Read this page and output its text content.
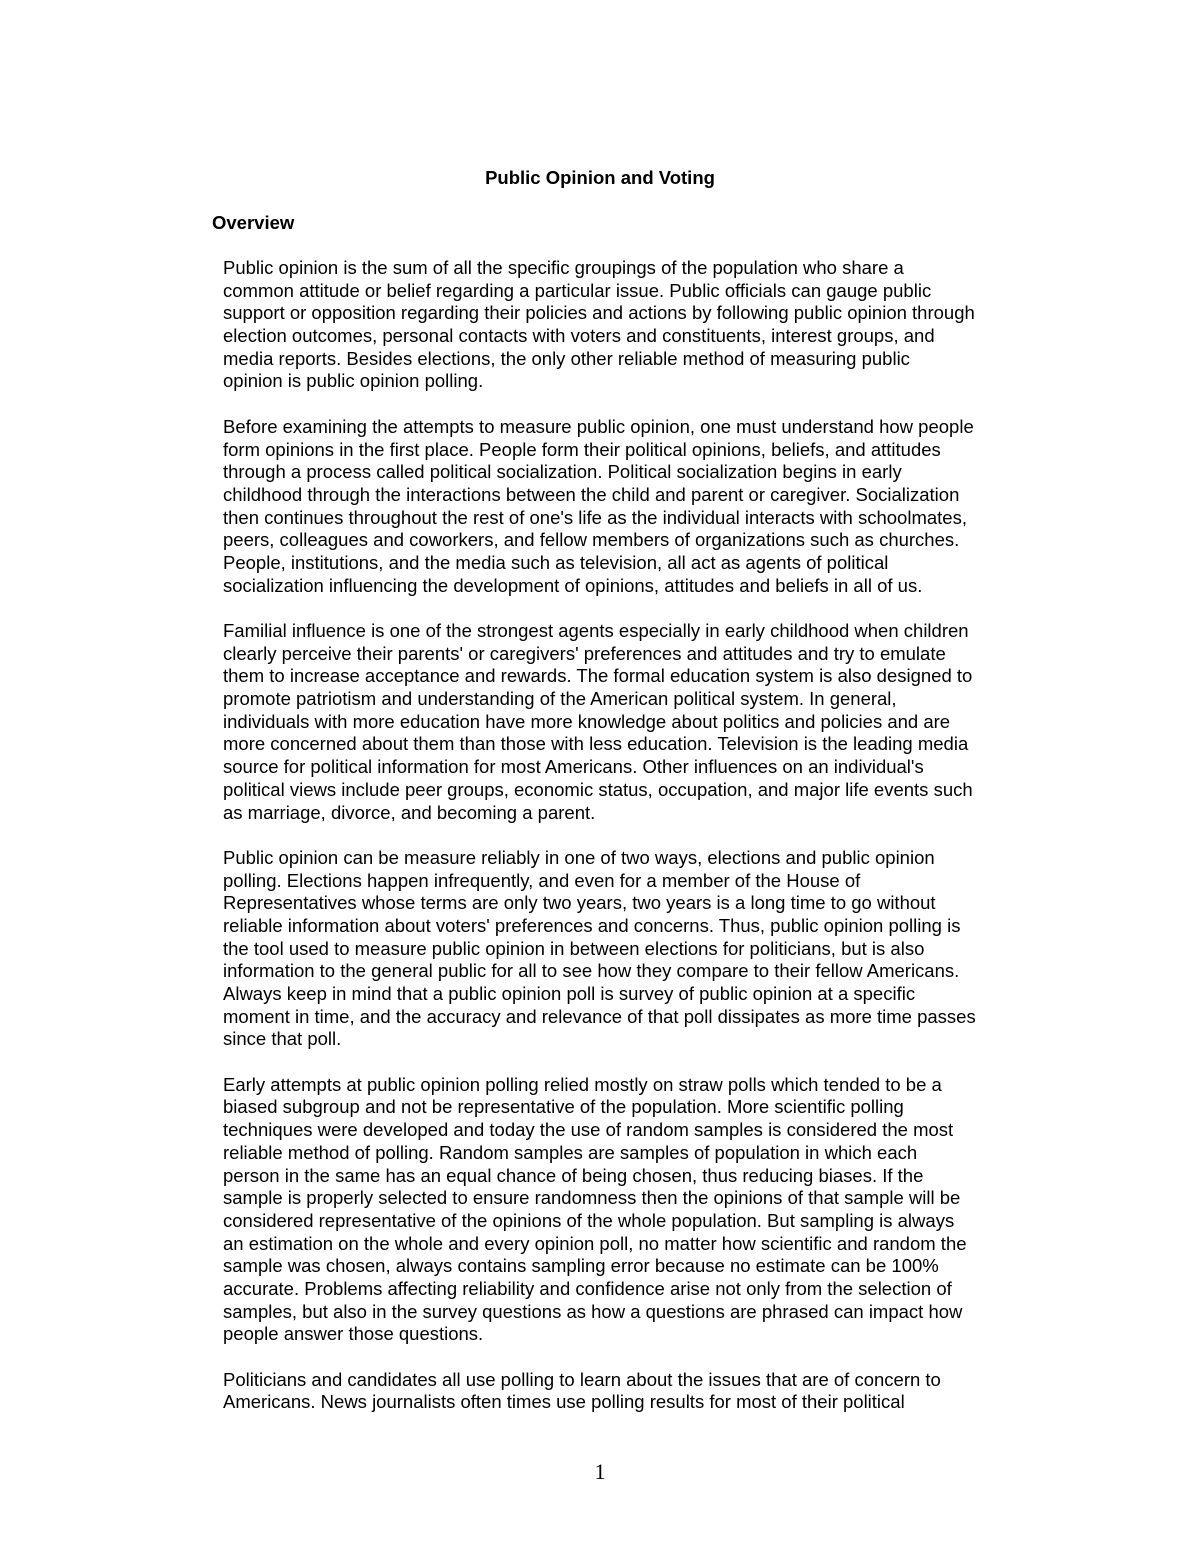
Public Opinion and Voting
Overview

Public opinion is the sum of all the specific groupings of the population who share a
common attitude or belief regarding a particular issue. Public officials can gauge public
support or opposition regarding their policies and actions by following public opinion through
election outcomes, personal contacts with voters and constituents, interest groups, and
media reports. Besides elections, the only other reliable method of measuring public
opinion is public opinion polling.

Before examining the attempts to measure public opinion, one must understand how people
form opinions in the first place. People form their political opinions, beliefs, and attitudes
through a process called political socialization. Political socialization begins in early
childhood through the interactions between the child and parent or caregiver. Socialization
then continues throughout the rest of one's life as the individual interacts with schoolmates,
peers, colleagues and coworkers, and fellow members of organizations such as churches.
People, institutions, and the media such as television, all act as agents of political
socialization influencing the development of opinions, attitudes and beliefs in all of us.

Familial influence is one of the strongest agents especially in early childhood when children
clearly perceive their parents' or caregivers' preferences and attitudes and try to emulate
them to increase acceptance and rewards. The formal education system is also designed to
promote patriotism and understanding of the American political system. In general,
individuals with more education have more knowledge about politics and policies and are
more concerned about them than those with less education. Television is the leading media
source for political information for most Americans. Other influences on an individual's
political views include peer groups, economic status, occupation, and major life events such
as marriage, divorce, and becoming a parent.

Public opinion can be measure reliably in one of two ways, elections and public opinion
polling. Elections happen infrequently, and even for a member of the House of
Representatives whose terms are only two years, two years is a long time to go without
reliable information about voters' preferences and concerns. Thus, public opinion polling is
the tool used to measure public opinion in between elections for politicians, but is also
information to the general public for all to see how they compare to their fellow Americans.
Always keep in mind that a public opinion poll is survey of public opinion at a specific
moment in time, and the accuracy and relevance of that poll dissipates as more time passes
since that poll.

Early attempts at public opinion polling relied mostly on straw polls which tended to be a
biased subgroup and not be representative of the population. More scientific polling
techniques were developed and today the use of random samples is considered the most
reliable method of polling. Random samples are samples of population in which each
person in the same has an equal chance of being chosen, thus reducing biases. If the
sample is properly selected to ensure randomness then the opinions of that sample will be
considered representative of the opinions of the whole population. But sampling is always
an estimation on the whole and every opinion poll, no matter how scientific and random the
sample was chosen, always contains sampling error because no estimate can be 100%
accurate. Problems affecting reliability and confidence arise not only from the selection of
samples, but also in the survey questions as how a questions are phrased can impact how
people answer those questions.

Politicians and candidates all use polling to learn about the issues that are of concern to
Americans. News journalists often times use polling results for most of their political

1
